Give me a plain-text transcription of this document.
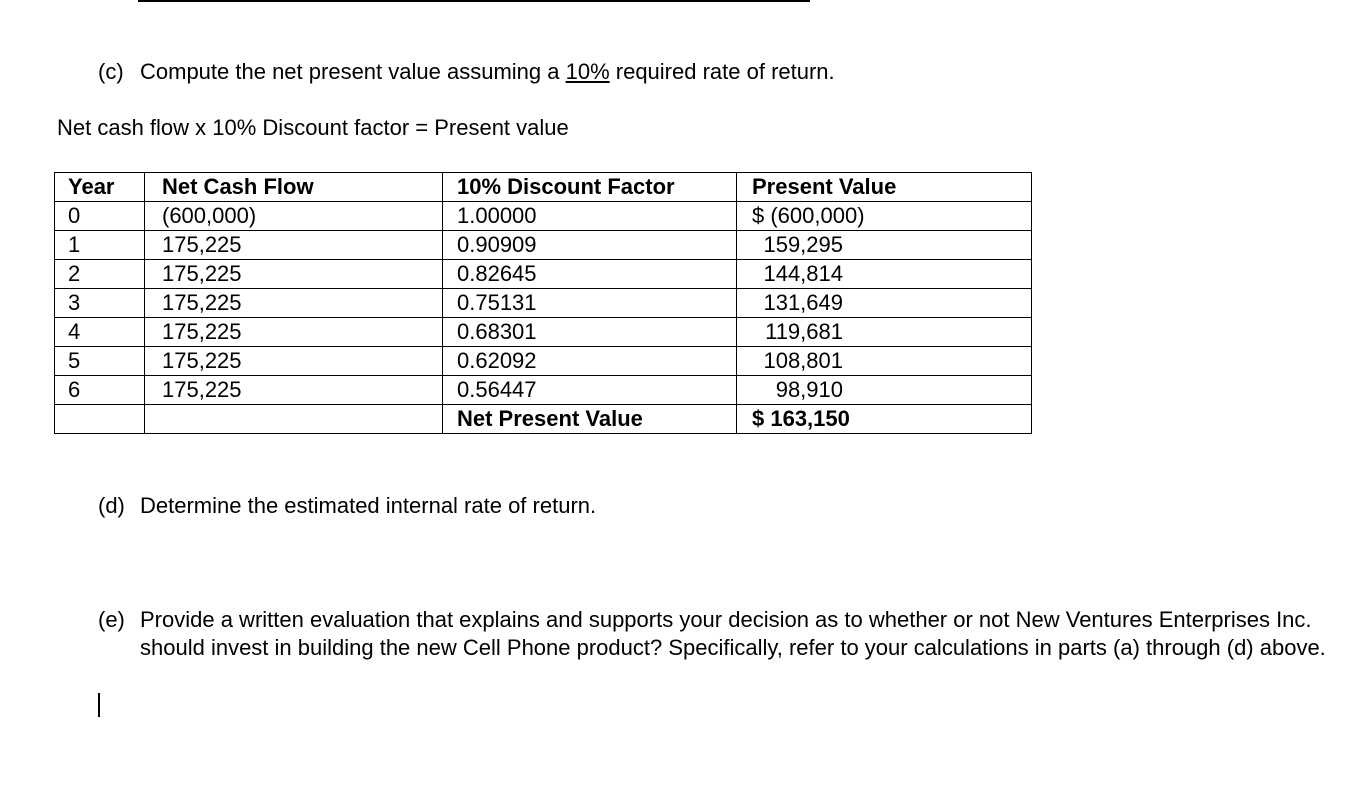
(c) Compute the net present value assuming a 10% required rate of return.
Net cash flow x 10% Discount factor = Present value
Year	Net Cash Flow	10% Discount Factor	Present Value
0	(600,000)	1.00000	$ (600,000)
1	175,225	0.90909	159,295
2	175,225	0.82645	144,814
3	175,225	0.75131	131,649
4	175,225	0.68301	119,681
5	175,225	0.62092	108,801
6	175,225	0.56447	98,910
		Net Present Value	$ 163,150
(d) Determine the estimated internal rate of return.
(e) Provide a written evaluation that explains and supports your decision as to whether or not New Ventures Enterprises Inc. should invest in building the new Cell Phone product? Specifically, refer to your calculations in parts (a) through (d) above.
